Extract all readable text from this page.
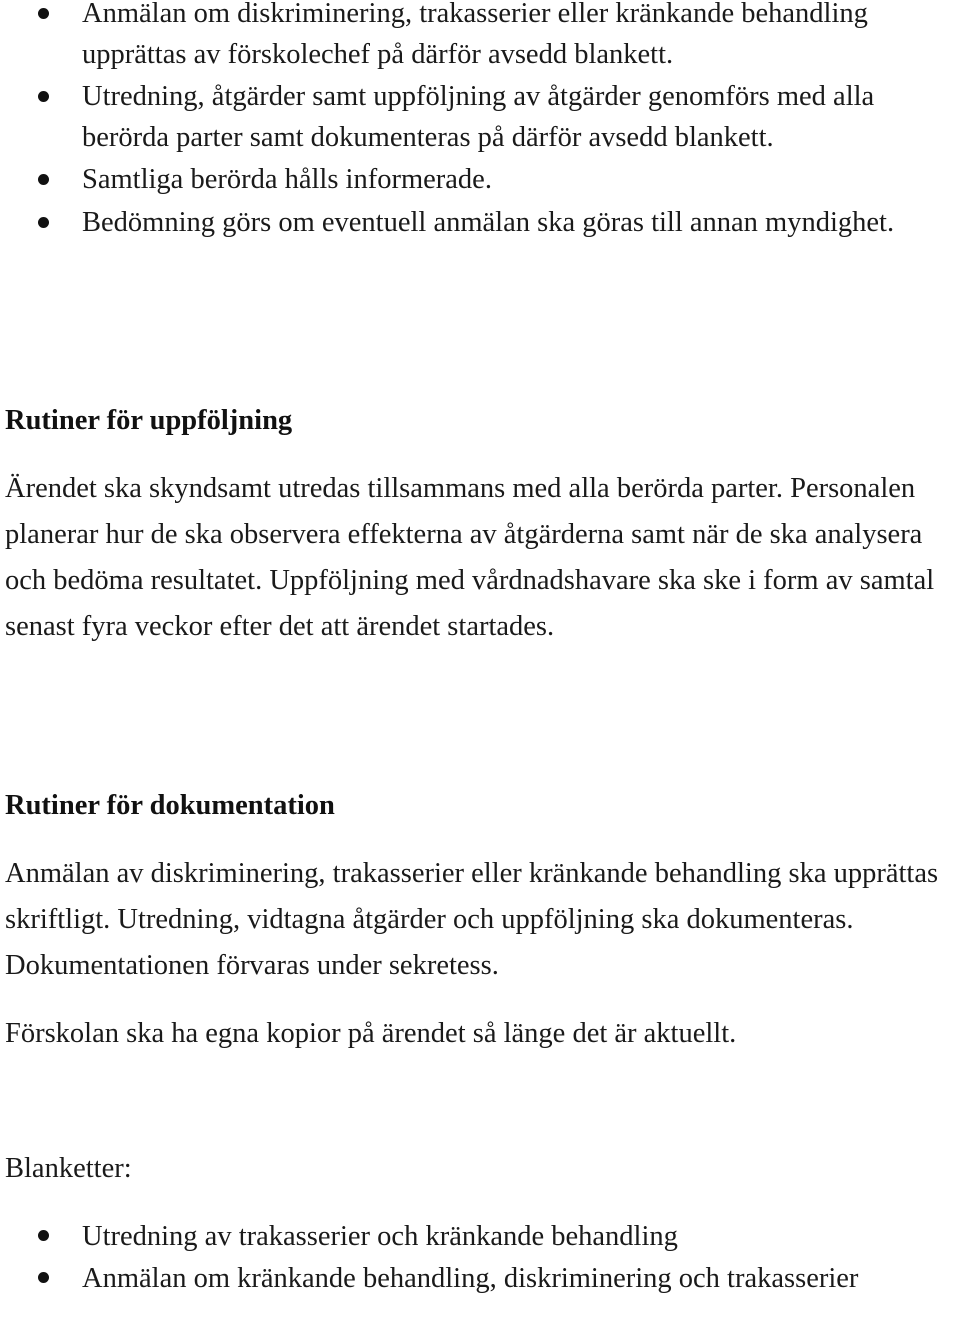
Anmälan om diskriminering, trakasserier eller kränkande behandling upprättas av förskolechef på därför avsedd blankett.
Utredning, åtgärder samt uppföljning av åtgärder genomförs med alla berörda parter samt dokumenteras på därför avsedd blankett.
Samtliga berörda hålls informerade.
Bedömning görs om eventuell anmälan ska göras till annan myndighet.
Rutiner för uppföljning

Ärendet ska skyndsamt utredas tillsammans med alla berörda parter. Personalen planerar hur de ska observera effekterna av åtgärderna samt när de ska analysera och bedöma resultatet. Uppföljning med vårdnadshavare ska ske i form av samtal senast fyra veckor efter det att ärendet startades.

Rutiner för dokumentation

Anmälan av diskriminering, trakasserier eller kränkande behandling ska upprättas skriftligt. Utredning, vidtagna åtgärder och uppföljning ska dokumenteras. Dokumentationen förvaras under sekretess.

Förskolan ska ha egna kopior på ärendet så länge det är aktuellt.

Blanketter:

Utredning av trakasserier och kränkande behandling
Anmälan om kränkande behandling, diskriminering och trakasserier
